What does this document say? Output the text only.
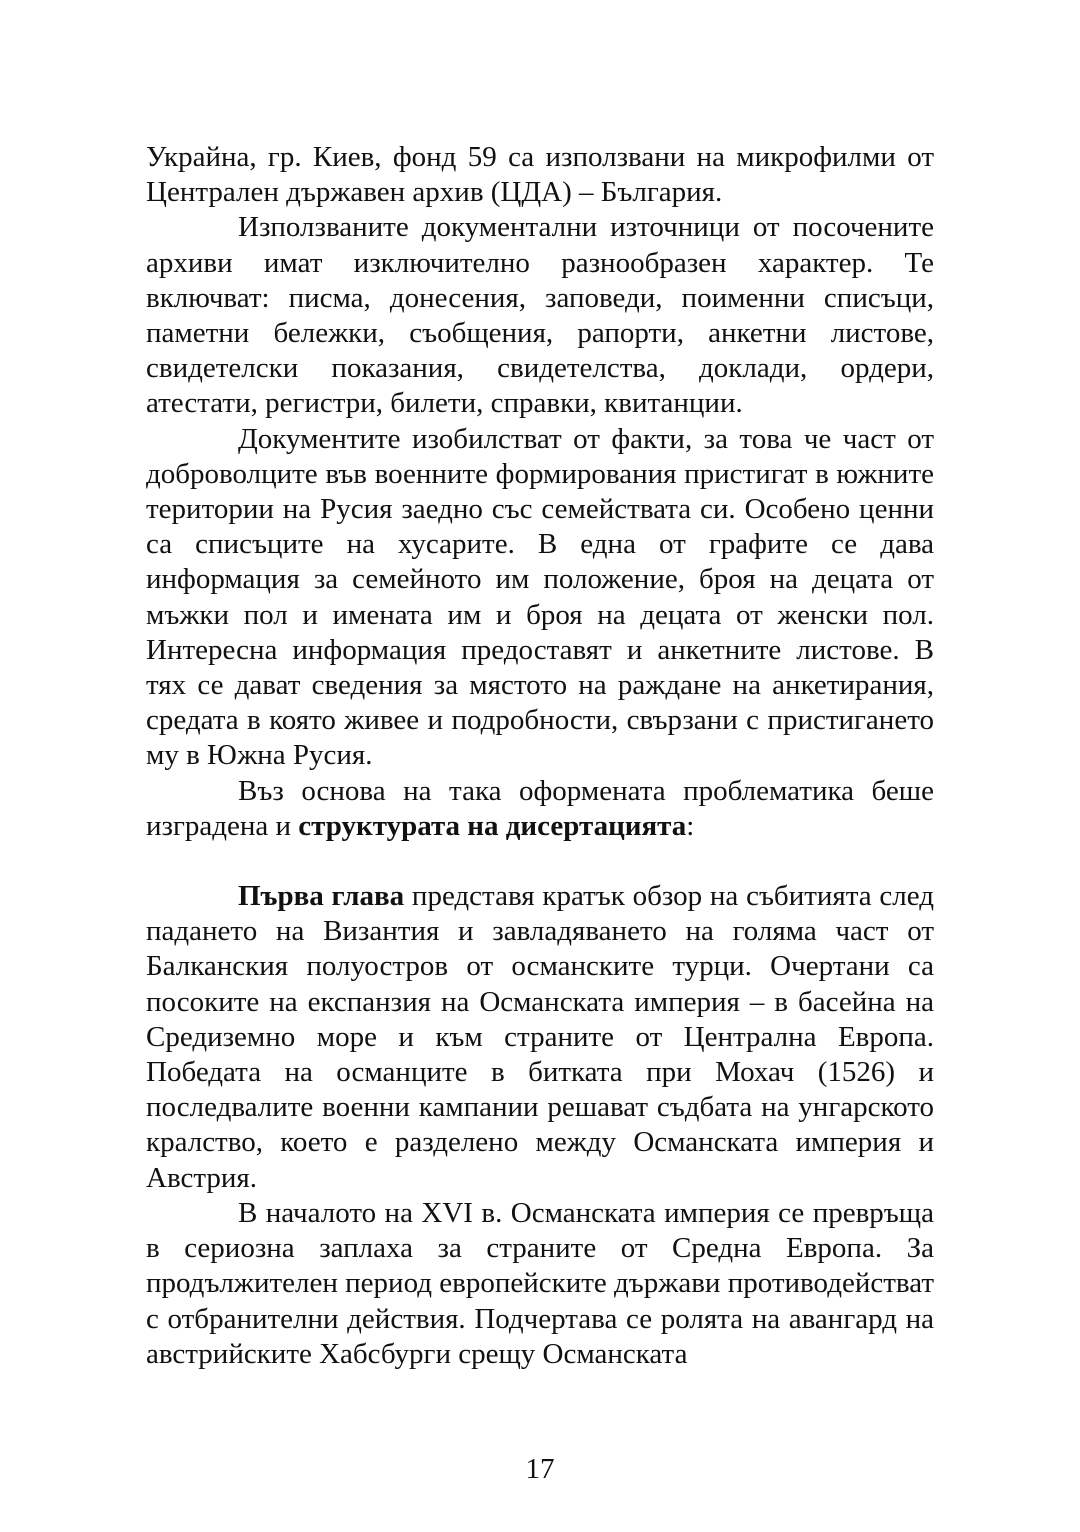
Украйна, гр. Киев, фонд 59 са използвани на микрофилми от Централен държавен архив (ЦДА) – България.

Използваните документални източници от посочените архиви имат изключително разнообразен характер. Те включват: писма, донесения, заповеди, поименни списъци, паметни бележки, съобщения, рапорти, анкетни листове, свидетелски показания, свидетелства, доклади, ордери, атестати, регистри, билети, справки, квитанции.

Документите изобилстват от факти, за това че част от доброволците във военните формирования пристигат в южните територии на Русия заедно със семействата си. Особено ценни са списъците на хусарите. В една от графите се дава информация за семейното им положение, броя на децата от мъжки пол и имената им и броя на децата от женски пол. Интересна информация предоставят и анкетните листове. В тях се дават сведения за мястото на раждане на анкетирания, средата в която живее и подробности, свързани с пристигането му в Южна Русия.

Въз основа на така оформената проблематика беше изградена и структурата на дисертацията:

Първа глава представя кратък обзор на събитията след падането на Византия и завладяването на голяма част от Балканския полуостров от османските турци. Очертани са посоките на експанзия на Османската империя – в басейна на Средиземно море и към страните от Централна Европа. Победата на османците в битката при Мохач (1526) и последвалите военни кампании решават съдбата на унгарското кралство, което е разделено между Османската империя и Австрия.

В началото на XVI в. Османската империя се превръща в сериозна заплаха за страните от Средна Европа. За продължителен период европейските държави противодействат с отбранителни действия. Подчертава се ролята на авангард на австрийските Хабсбурги срещу Османската

17
